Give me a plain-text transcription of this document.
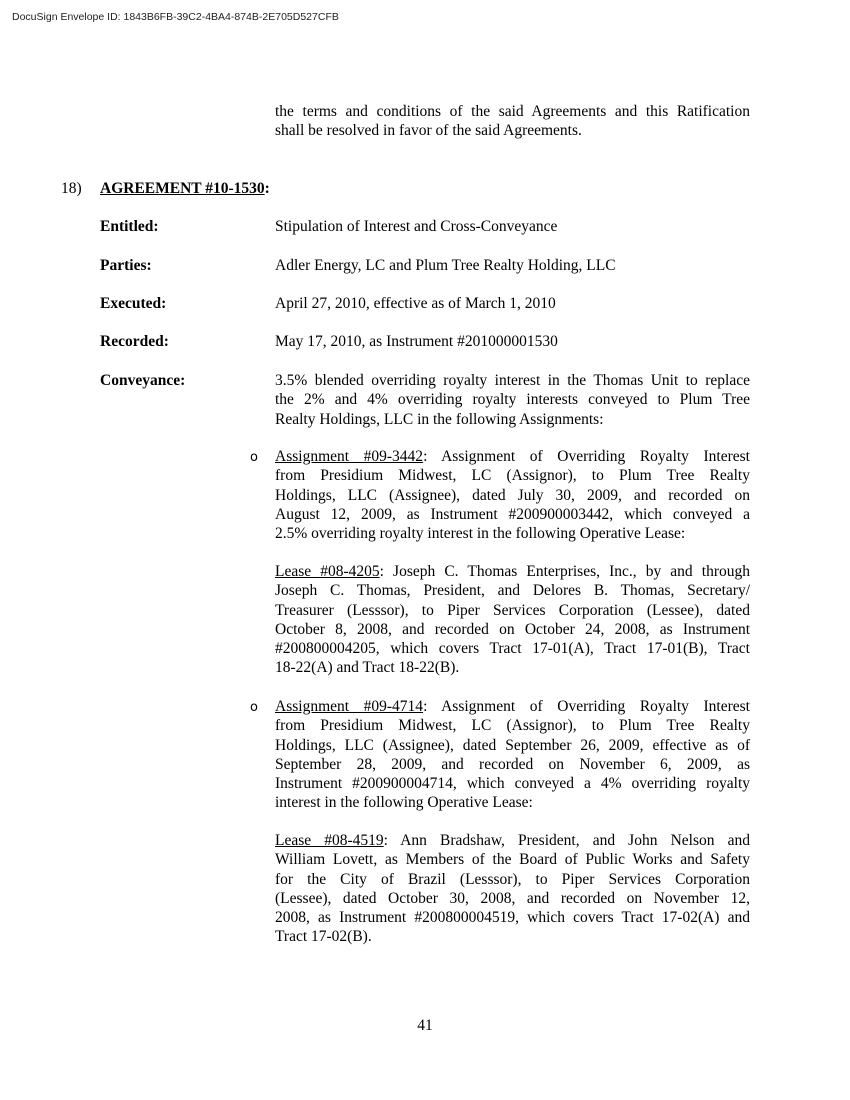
DocuSign Envelope ID: 1843B6FB-39C2-4BA4-874B-2E705D527CFB

the terms and conditions of the said Agreements and this Ratification

shall be resolved in favor of the said Agreements.

18) AGREEMENT #10-1530:
Entitled:	Stipulation of Interest and Cross-Conveyance
Parties:	Adler Energy, LC and Plum Tree Realty Holding, LLC
Executed:	April 27, 2010, effective as of March 1, 2010
Recorded:	May 17, 2010, as Instrument #201000001530
Conveyance:	3.5% blended overriding royalty interest in the Thomas Unit to replace

the 2% and 4% overriding royalty interests conveyed to Plum Tree

Realty Holdings, LLC in the following Assignments:

o Assignment #09-3442: Assignment of Overriding Royalty Interest

from Presidium Midwest, LC (Assignor), to Plum Tree Realty

Holdings, LLC (Assignee), dated July 30, 2009, and recorded on

August 12, 2009, as Instrument #200900003442, which conveyed a

2.5% overriding royalty interest in the following Operative Lease:

Lease #08-4205: Joseph C. Thomas Enterprises, Inc., by and through

Joseph C. Thomas, President, and Delores B. Thomas, Secretary/

Treasurer (Lesssor), to Piper Services Corporation (Lessee), dated

October 8, 2008, and recorded on October 24, 2008, as Instrument

#200800004205, which covers Tract 17-01(A), Tract 17-01(B), Tract

18-22(A) and Tract 18-22(B).

o Assignment #09-4714: Assignment of Overriding Royalty Interest

from Presidium Midwest, LC (Assignor), to Plum Tree Realty

Holdings, LLC (Assignee), dated September 26, 2009, effective as of

September 28, 2009, and recorded on November 6, 2009, as

Instrument #200900004714, which conveyed a 4% overriding royalty

interest in the following Operative Lease:

Lease #08-4519: Ann Bradshaw, President, and John Nelson and

William Lovett, as Members of the Board of Public Works and Safety

for the City of Brazil (Lesssor), to Piper Services Corporation

(Lessee), dated October 30, 2008, and recorded on November 12,

2008, as Instrument #200800004519, which covers Tract 17-02(A) and

Tract 17-02(B).

41
